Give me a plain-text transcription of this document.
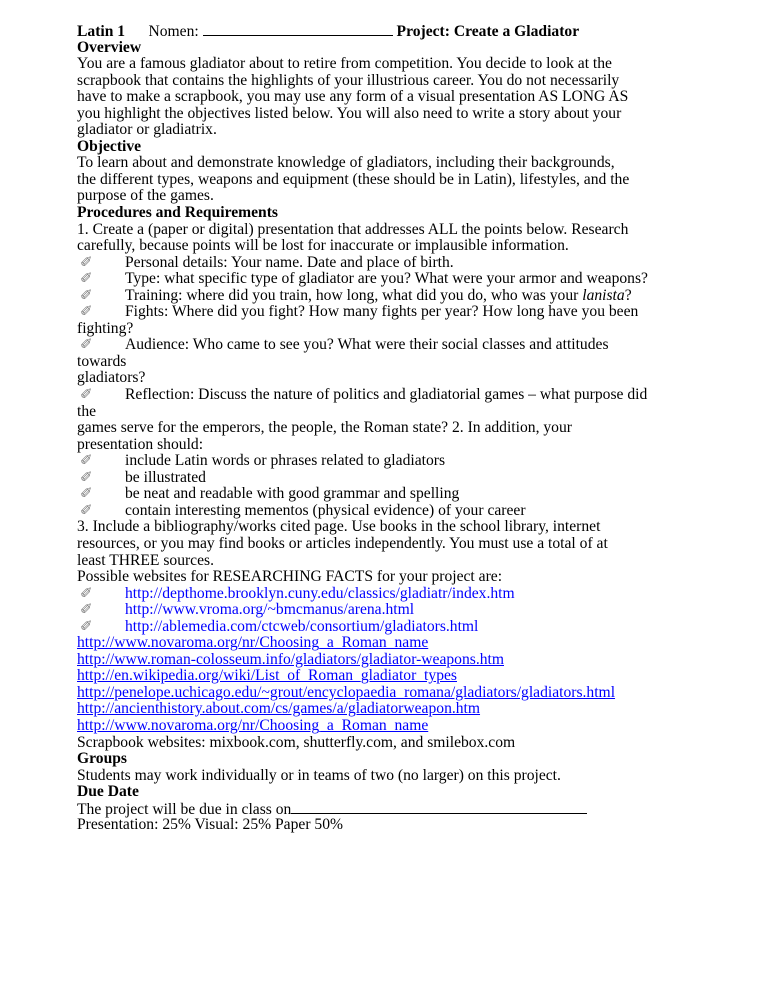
Latin 1 Nomen:	Project: Create a Gladiator
Overview
You are a famous gladiator about to retire from competition. You decide to look at the
scrapbook that contains the highlights of your illustrious career. You do not necessarily
have to make a scrapbook, you may use any form of a visual presentation AS LONG AS
you highlight the objectives listed below. You will also need to write a story about your
gladiator or gladiatrix.
Objective
To learn about and demonstrate knowledge of gladiators, including their backgrounds,
the different types, weapons and equipment (these should be in Latin), lifestyles, and the
purpose of the games.
Procedures and Requirements
1. Create a (paper or digital) presentation that addresses ALL the points below. Research
carefully, because points will be lost for inaccurate or implausible information.
✐ Personal details: Your name. Date and place of birth.
✐ Type: what specific type of gladiator are you? What were your armor and weapons?
✐ Training: where did you train, how long, what did you do, who was your lanista?
✐ Fights: Where did you fight? How many fights per year? How long have you been
fighting?
✐ Audience: Who came to see you? What were their social classes and attitudes
towards
gladiators?
✐ Reflection: Discuss the nature of politics and gladiatorial games – what purpose did
the
games serve for the emperors, the people, the Roman state? 2. In addition, your
presentation should:
✐ include Latin words or phrases related to gladiators
✐ be illustrated
✐ be neat and readable with good grammar and spelling
✐ contain interesting mementos (physical evidence) of your career
3. Include a bibliography/works cited page. Use books in the school library, internet
resources, or you may find books or articles independently. You must use a total of at
least THREE sources.
Possible websites for RESEARCHING FACTS for your project are:
✐ http://depthome.brooklyn.cuny.edu/classics/gladiatr/index.htm
✐ http://www.vroma.org/~bmcmanus/arena.html
✐ http://ablemedia.com/ctcweb/consortium/gladiators.html
http://www.novaroma.org/nr/Choosing_a_Roman_name
http://www.roman-colosseum.info/gladiators/gladiator-weapons.htm
http://en.wikipedia.org/wiki/List_of_Roman_gladiator_types
http://penelope.uchicago.edu/~grout/encyclopaedia_romana/gladiators/gladiators.html
http://ancienthistory.about.com/cs/games/a/gladiatorweapon.htm
http://www.novaroma.org/nr/Choosing_a_Roman_name
Scrapbook websites: mixbook.com, shutterfly.com, and smilebox.com
Groups
Students may work individually or in teams of two (no larger) on this project.
Due Date
The project will be due in class on
Presentation: 25% Visual: 25% Paper 50%
